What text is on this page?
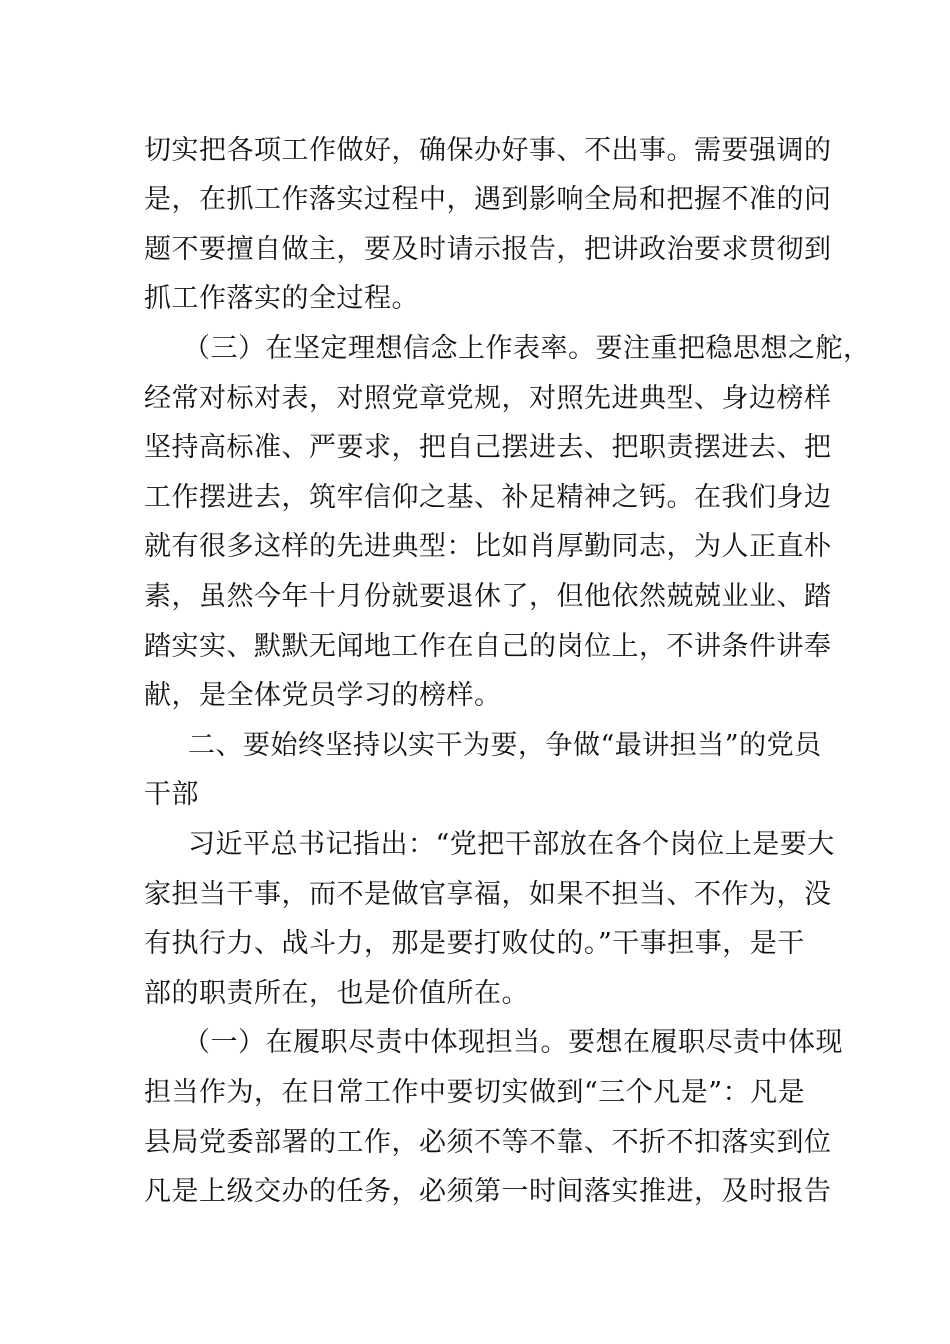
切实把各项工作做好，确保办好事、不出事。需要强调的
是，在抓工作落实过程中，遇到影响全局和把握不准的问
题不要擅自做主，要及时请示报告，把讲政治要求贯彻到
抓工作落实的全过程。
（三）在坚定理想信念上作表率。要注重把稳思想之舵，
经常对标对表，对照党章党规，对照先进典型、身边榜样
坚持高标准、严要求，把自己摆进去、把职责摆进去、把
工作摆进去，筑牢信仰之基、补足精神之钙。在我们身边
就有很多这样的先进典型：比如肖厚勤同志，为人正直朴
素，虽然今年十月份就要退休了，但他依然兢兢业业、踏
踏实实、默默无闻地工作在自己的岗位上，不讲条件讲奉
献，是全体党员学习的榜样。
二、要始终坚持以实干为要，争做“最讲担当”的党员
干部
习近平总书记指出：“党把干部放在各个岗位上是要大
家担当干事，而不是做官享福，如果不担当、不作为，没
有执行力、战斗力，那是要打败仗的。”干事担事，是干
部的职责所在，也是价值所在。
（一）在履职尽责中体现担当。要想在履职尽责中体现
担当作为，在日常工作中要切实做到“三个凡是”：凡是
县局党委部署的工作，必须不等不靠、不折不扣落实到位
凡是上级交办的任务，必须第一时间落实推进，及时报告
